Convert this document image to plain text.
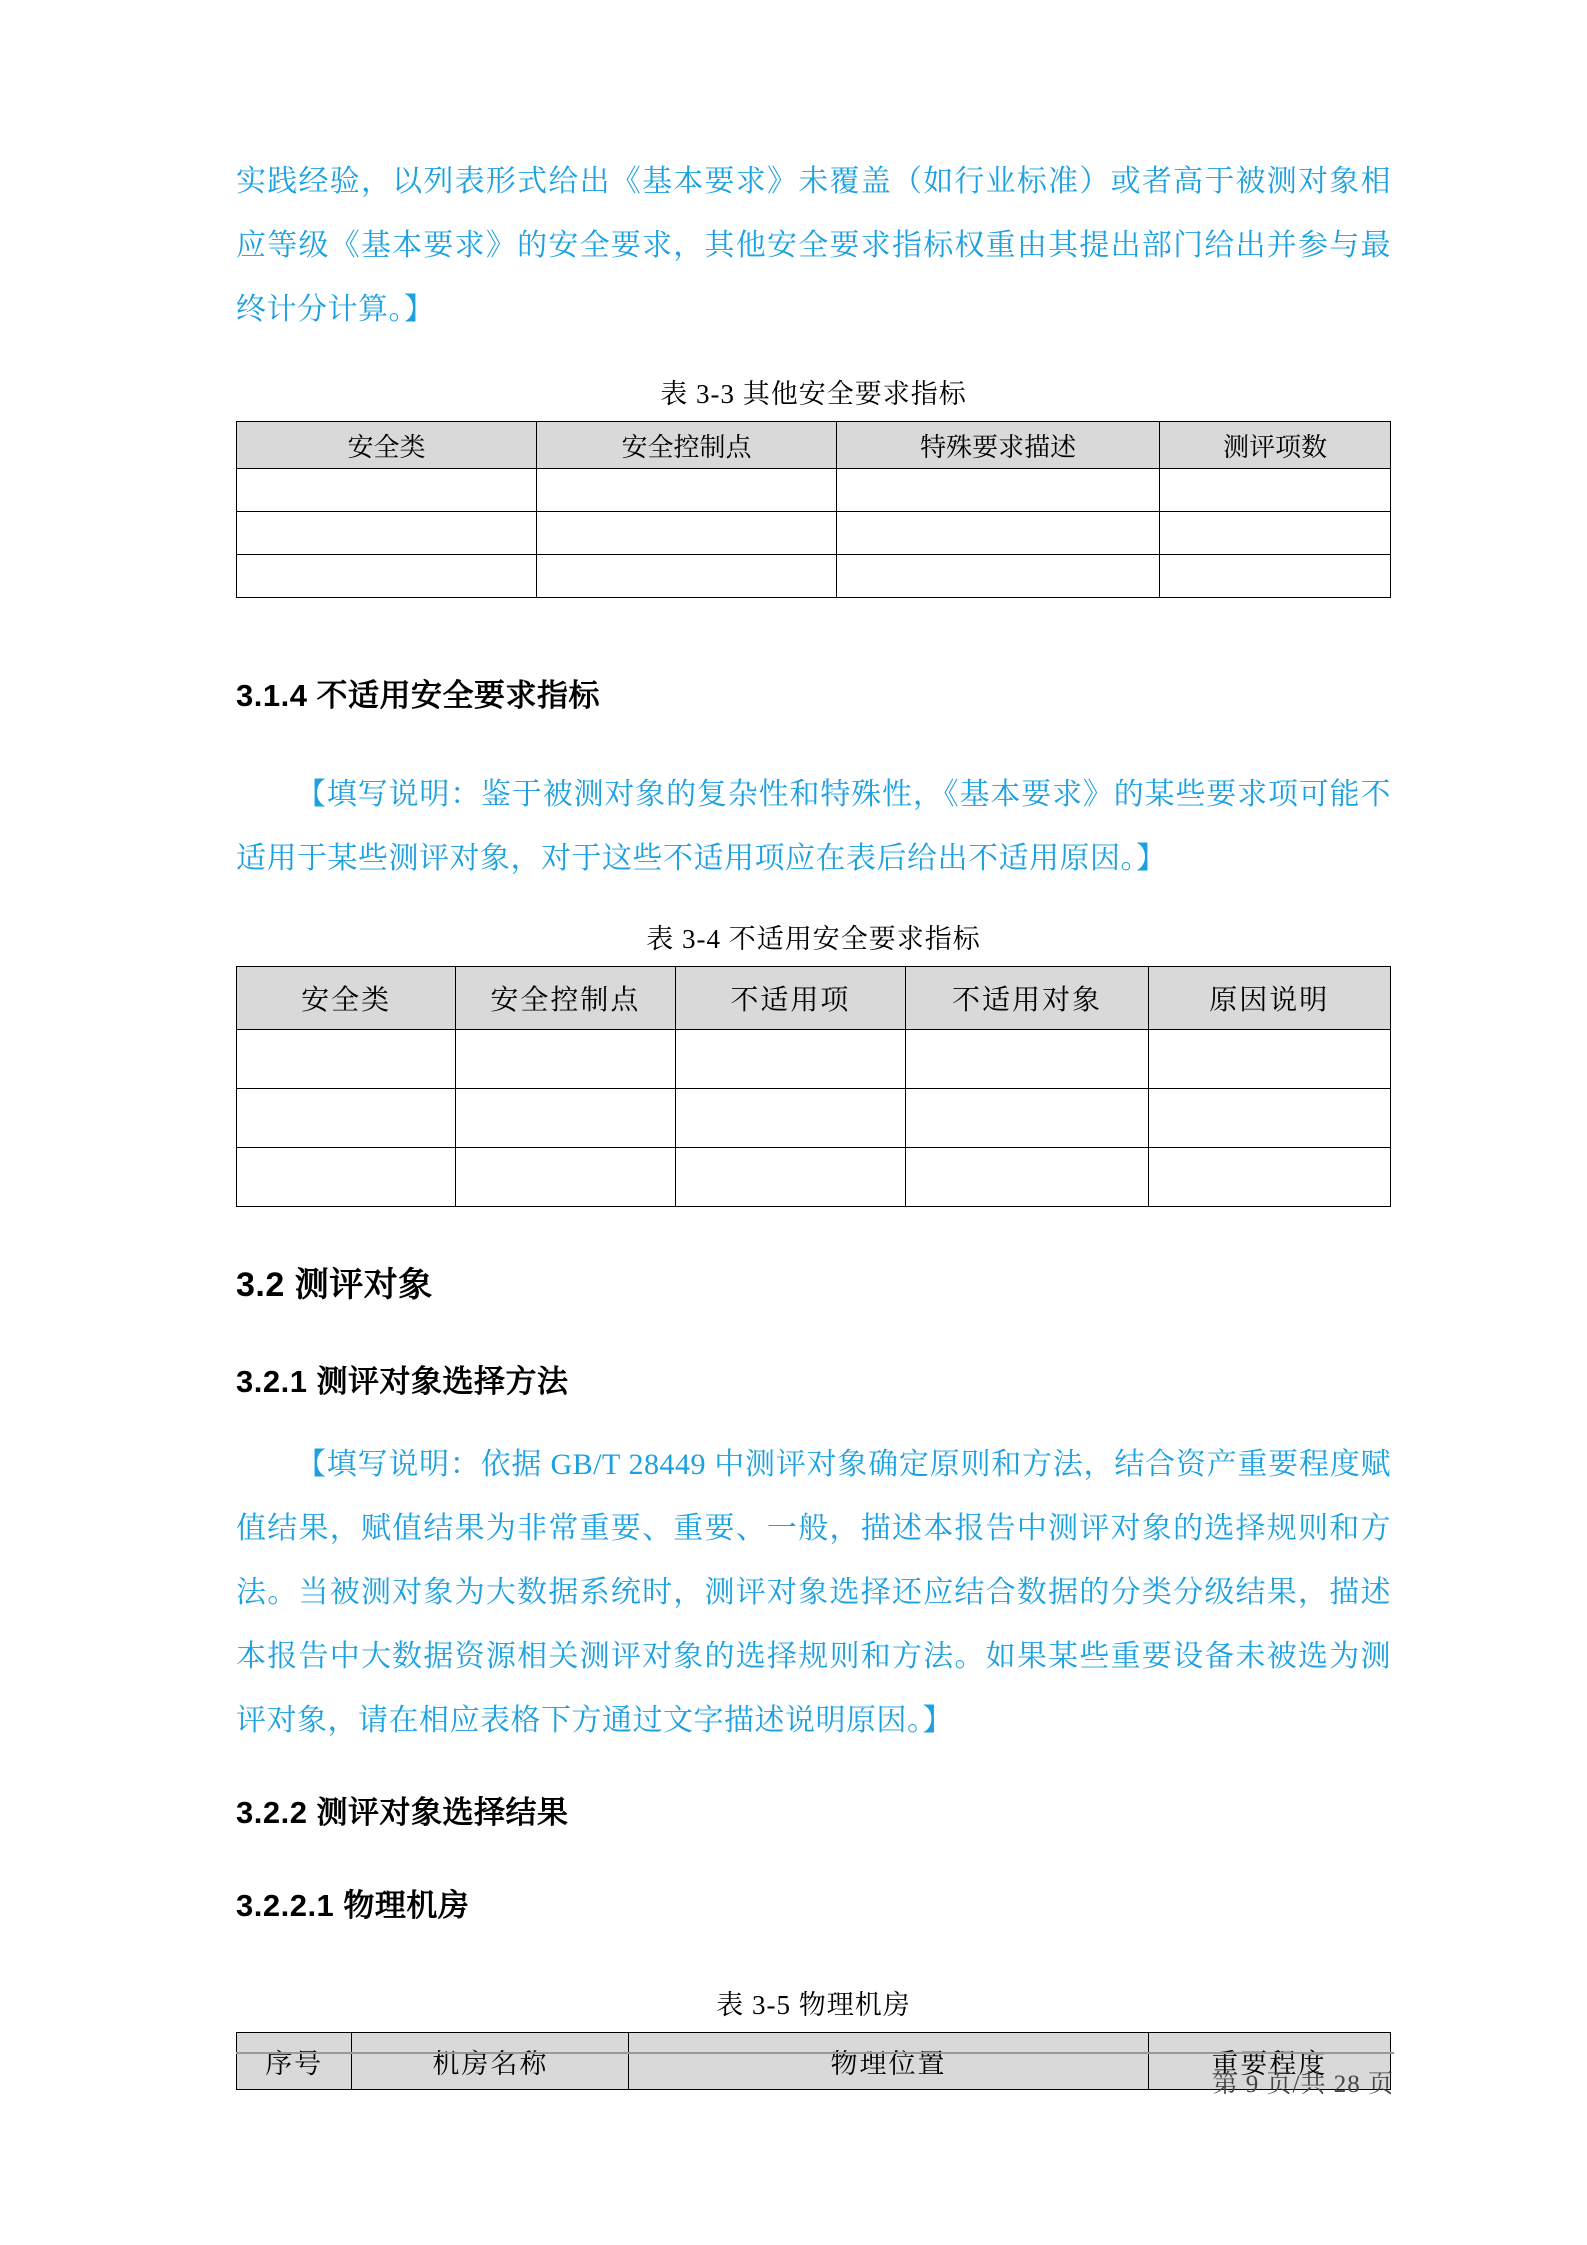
实践经验，以列表形式给出《基本要求》未覆盖（如行业标准）或者高于被测对象相应等级《基本要求》的安全要求，其他安全要求指标权重由其提出部门给出并参与最终计分计算。】

表 3-3 其他安全要求指标
安全类	安全控制点	特殊要求描述	测评项数

3.1.4 不适用安全要求指标

【填写说明：鉴于被测对象的复杂性和特殊性，《基本要求》的某些要求项可能不适用于某些测评对象，对于这些不适用项应在表后给出不适用原因。】

表 3-4 不适用安全要求指标
安全类	安全控制点	不适用项	不适用对象	原因说明

3.2 测评对象
3.2.1 测评对象选择方法

【填写说明：依据 GB/T 28449 中测评对象确定原则和方法，结合资产重要程度赋值结果，赋值结果为非常重要、重要、一般，描述本报告中测评对象的选择规则和方法。当被测对象为大数据系统时，测评对象选择还应结合数据的分类分级结果，描述本报告中大数据资源相关测评对象的选择规则和方法。如果某些重要设备未被选为测评对象，请在相应表格下方通过文字描述说明原因。】

3.2.2 测评对象选择结果
3.2.2.1 物理机房
表 3-5 物理机房
序号	机房名称	物理位置	重要程度
第 9 页/共 28 页
